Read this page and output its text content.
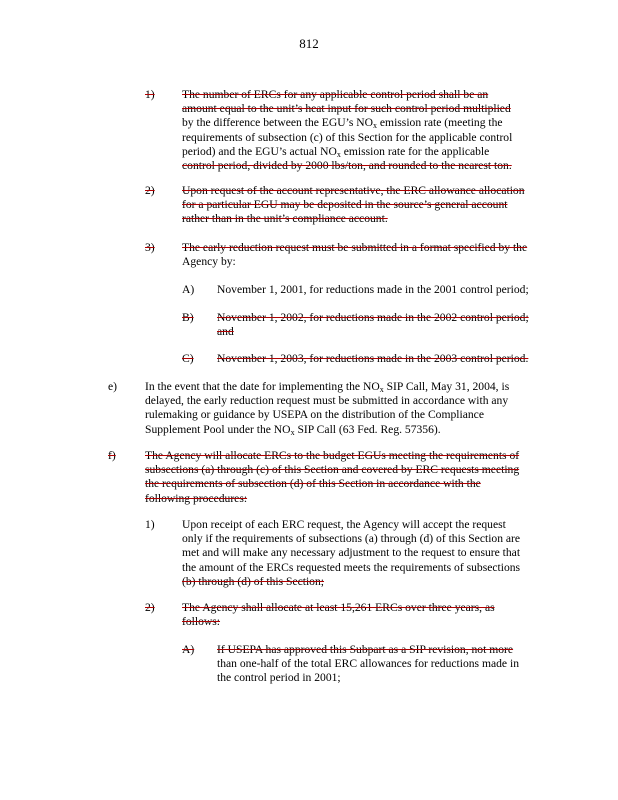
812
1)	The number of ERCs for any applicable control period shall be an
amount equal to the unit’s heat input for such control period multiplied
by the difference between the EGU’s $NO_x$ emission rate (meeting the
requirements of subsection (c) of this Section for the applicable control
period) and the EGU’s actual $NO_x$ emission rate for the applicable
control period, divided by 2000 lbs/ton, and rounded to the nearest ton.
2)	Upon request of the account representative, the ERC allowance allocation
for a particular EGU may be deposited in the source’s general account
rather than in the unit’s compliance account.
3)	The early reduction request must be submitted in a format specified by the
Agency by:
A)	November 1, 2001, for reductions made in the 2001 control period;
B)	November 1, 2002, for reductions made in the 2002 control period;
and
C)	November 1, 2003, for reductions made in the 2003 control period.
e)	In the event that the date for implementing the $NO_x$ SIP Call, May 31, 2004, is
delayed, the early reduction request must be submitted in accordance with any
rulemaking or guidance by USEPA on the distribution of the Compliance
Supplement Pool under the $NO_x$ SIP Call (63 Fed. Reg. 57356).
f)	The Agency will allocate ERCs to the budget EGUs meeting the requirements of
subsections (a) through (c) of this Section and covered by ERC requests meeting
the requirements of subsection (d) of this Section in accordance with the
following procedures:
1)	Upon receipt of each ERC request, the Agency will accept the request
only if the requirements of subsections (a) through (d) of this Section are
met and will make any necessary adjustment to the request to ensure that
the amount of the ERCs requested meets the requirements of subsections
(b) through (d) of this Section;
2)	The Agency shall allocate at least 15,261 ERCs over three years, as
follows:
A)	If USEPA has approved this Subpart as a SIP revision, not more
than one-half of the total ERC allowances for reductions made in
the control period in 2001;
